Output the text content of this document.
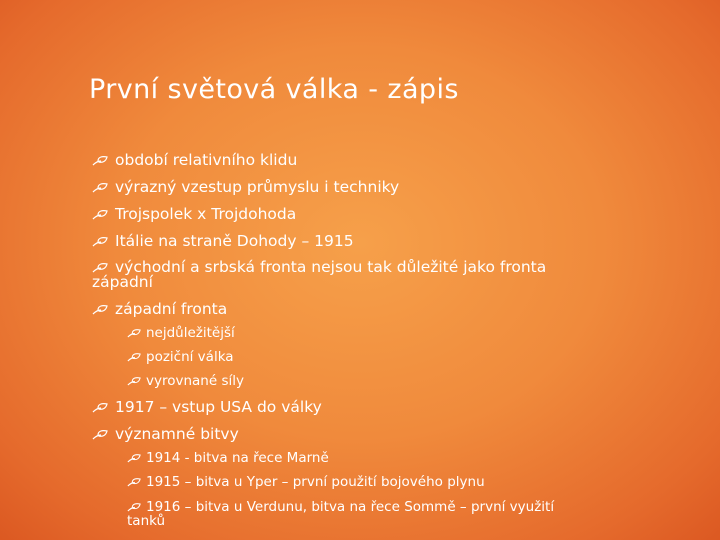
První světová válka - zápis
období relativního klidu
výrazný vzestup průmyslu i techniky
Trojspolek x Trojdohoda
Itálie na straně Dohody – 1915
východní a srbská fronta nejsou tak důležité jako fronta
západní
západní fronta
nejdůležitější
poziční válka
vyrovnané síly
1917 – vstup USA do války
významné bitvy
1914 - bitva na řece Marně
1915 – bitva u Yper – první použití bojového plynu
1916 – bitva u Verdunu, bitva na řece Sommě – první využití
tanků
